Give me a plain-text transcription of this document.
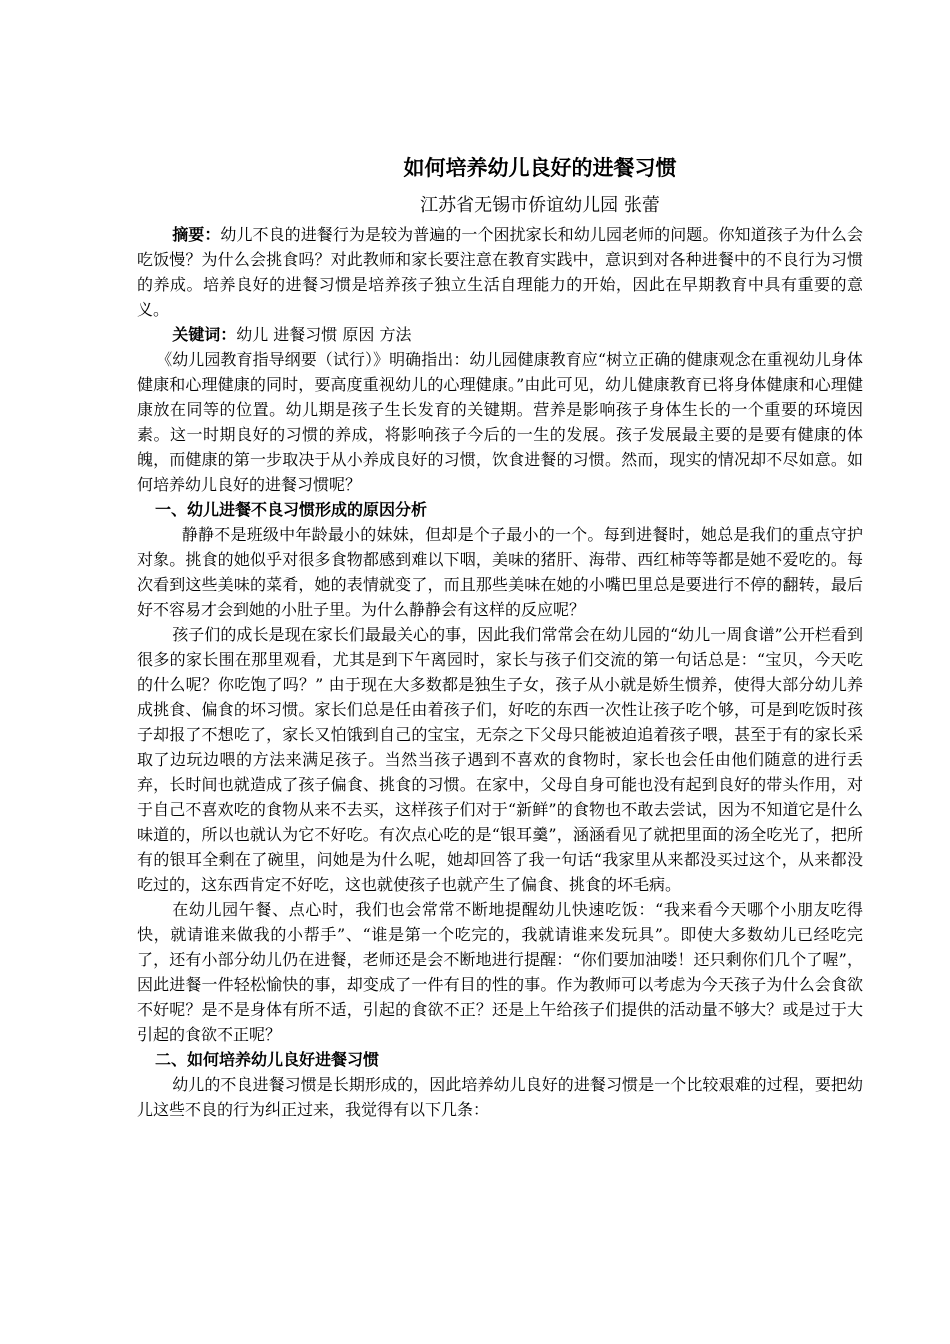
如何培养幼儿良好的进餐习惯
江苏省无锡市侨谊幼儿园 张蕾

摘要：幼儿不良的进餐行为是较为普遍的一个困扰家长和幼儿园老师的问题。你知道孩子为什么会吃饭慢？为什么会挑食吗？对此教师和家长要注意在教育实践中，意识到对各种进餐中的不良行为习惯的养成。培养良好的进餐习惯是培养孩子独立生活自理能力的开始，因此在早期教育中具有重要的意义。

关键词：幼儿 进餐习惯 原因 方法

《幼儿园教育指导纲要（试行）》明确指出：幼儿园健康教育应“树立正确的健康观念在重视幼儿身体健康和心理健康的同时，要高度重视幼儿的心理健康。”由此可见，幼儿健康教育已将身体健康和心理健康放在同等的位置。幼儿期是孩子生长发育的关键期。营养是影响孩子身体生长的一个重要的环境因素。这一时期良好的习惯的养成，将影响孩子今后的一生的发展。孩子发展最主要的是要有健康的体魄，而健康的第一步取决于从小养成良好的习惯，饮食进餐的习惯。然而，现实的情况却不尽如意。如何培养幼儿良好的进餐习惯呢？

一、幼儿进餐不良习惯形成的原因分析

静静不是班级中年龄最小的妹妹，但却是个子最小的一个。每到进餐时，她总是我们的重点守护对象。挑食的她似乎对很多食物都感到难以下咽，美味的猪肝、海带、西红柿等等都是她不爱吃的。每次看到这些美味的菜肴，她的表情就变了，而且那些美味在她的小嘴巴里总是要进行不停的翻转，最后好不容易才会到她的小肚子里。为什么静静会有这样的反应呢？

孩子们的成长是现在家长们最最关心的事，因此我们常常会在幼儿园的“幼儿一周食谱”公开栏看到很多的家长围在那里观看，尤其是到下午离园时，家长与孩子们交流的第一句话总是：“宝贝，今天吃的什么呢？你吃饱了吗？” 由于现在大多数都是独生子女，孩子从小就是娇生惯养，使得大部分幼儿养成挑食、偏食的坏习惯。家长们总是任由着孩子们，好吃的东西一次性让孩子吃个够，可是到吃饭时孩子却报了不想吃了，家长又怕饿到自己的宝宝，无奈之下父母只能被迫追着孩子喂，甚至于有的家长采取了边玩边喂的方法来满足孩子。当然当孩子遇到不喜欢的食物时，家长也会任由他们随意的进行丢弃，长时间也就造成了孩子偏食、挑食的习惯。在家中，父母自身可能也没有起到良好的带头作用，对于自己不喜欢吃的食物从来不去买，这样孩子们对于“新鲜”的食物也不敢去尝试，因为不知道它是什么味道的，所以也就认为它不好吃。有次点心吃的是“银耳羹”，涵涵看见了就把里面的汤全吃光了，把所有的银耳全剩在了碗里，问她是为什么呢，她却回答了我一句话“我家里从来都没买过这个，从来都没吃过的，这东西肯定不好吃，这也就使孩子也就产生了偏食、挑食的坏毛病。

在幼儿园午餐、点心时，我们也会常常不断地提醒幼儿快速吃饭：“我来看今天哪个小朋友吃得快，就请谁来做我的小帮手”、“谁是第一个吃完的，我就请谁来发玩具”。即使大多数幼儿已经吃完了，还有小部分幼儿仍在进餐，老师还是会不断地进行提醒：“你们要加油喽！还只剩你们几个了喔”，因此进餐一件轻松愉快的事，却变成了一件有目的性的事。作为教师可以考虑为今天孩子为什么会食欲不好呢？是不是身体有所不适，引起的食欲不正？还是上午给孩子们提供的活动量不够大？或是过于大引起的食欲不正呢？

二、如何培养幼儿良好进餐习惯

幼儿的不良进餐习惯是长期形成的，因此培养幼儿良好的进餐习惯是一个比较艰难的过程，要把幼儿这些不良的行为纠正过来，我觉得有以下几条：
